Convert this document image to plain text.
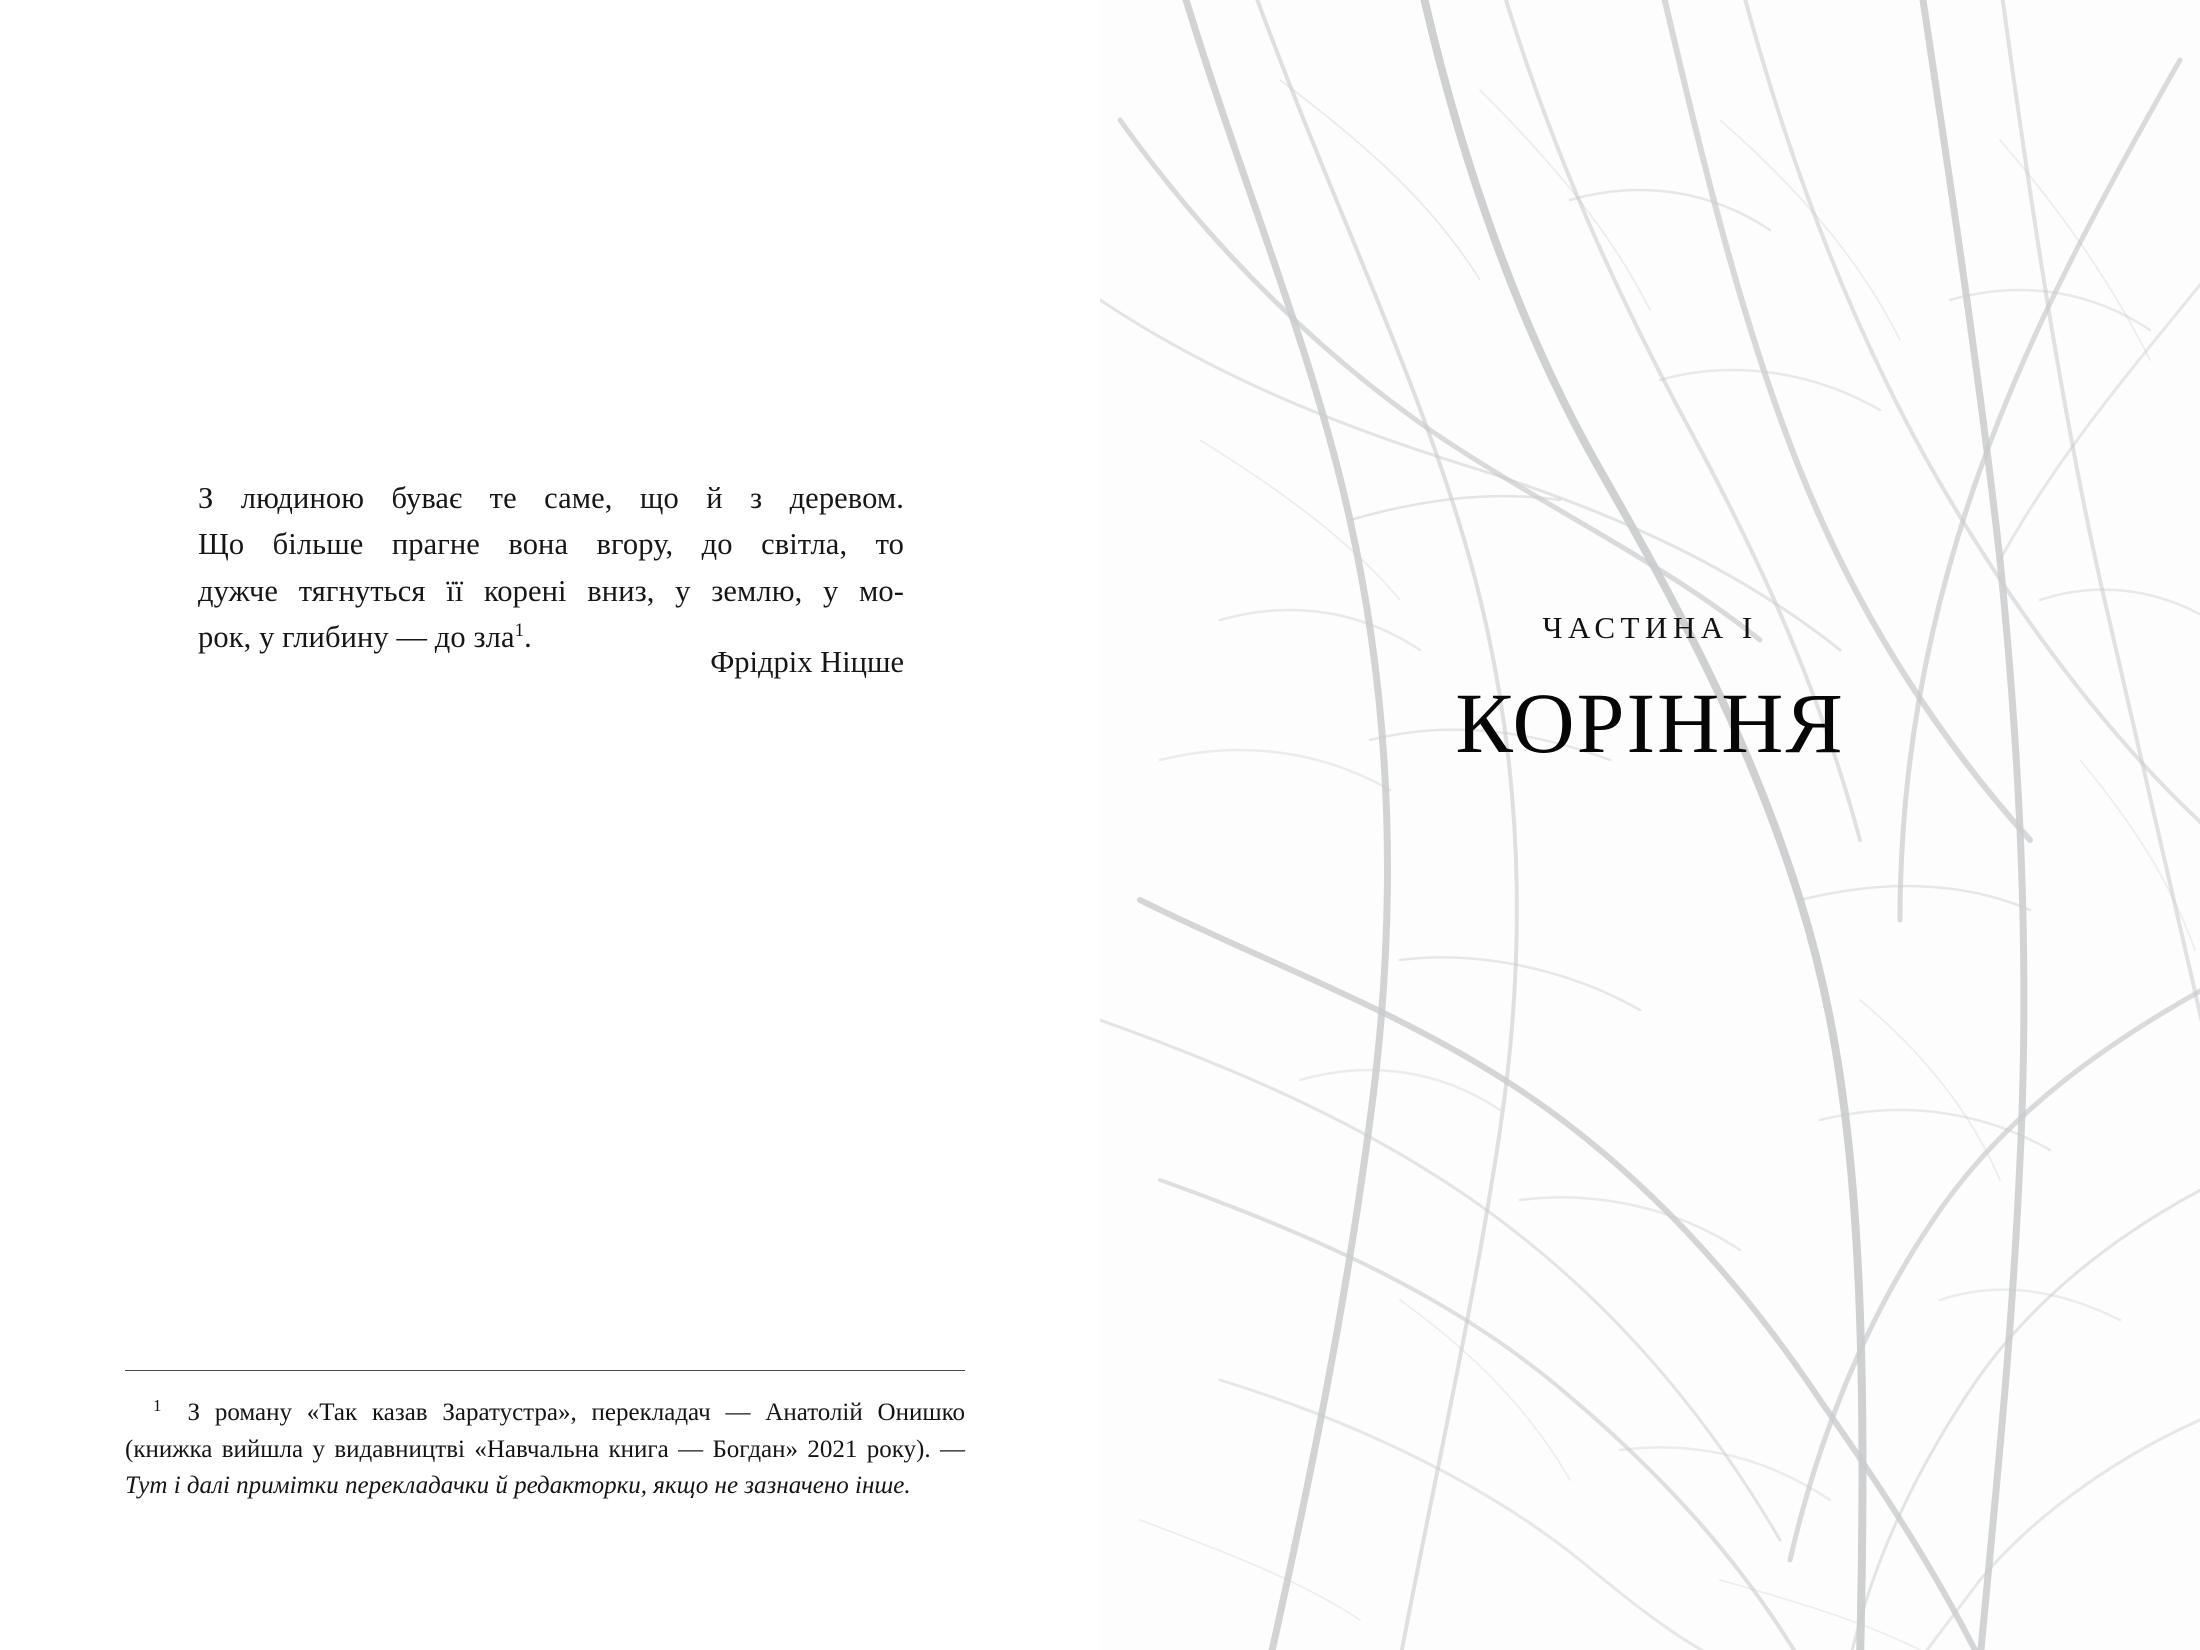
З людиною буває те саме, що й з деревом.
Що більше прагне вона вгору, до світла, то
дужче тягнуться її корені вниз, у землю, у мо-
рок, у глибину — до зла$^1$.
Фрідріх Ніцше
$^1$ З роману «Так казав Заратустра», перекладач — Анатолій Онишко (книжка вийшла у видавництві «Навчальна книга — Богдан» 2021 року). — Тут і далі примітки перекладачки й редакторки, якщо не зазначено інше.
ЧАСТИНА I
КОРІННЯ
